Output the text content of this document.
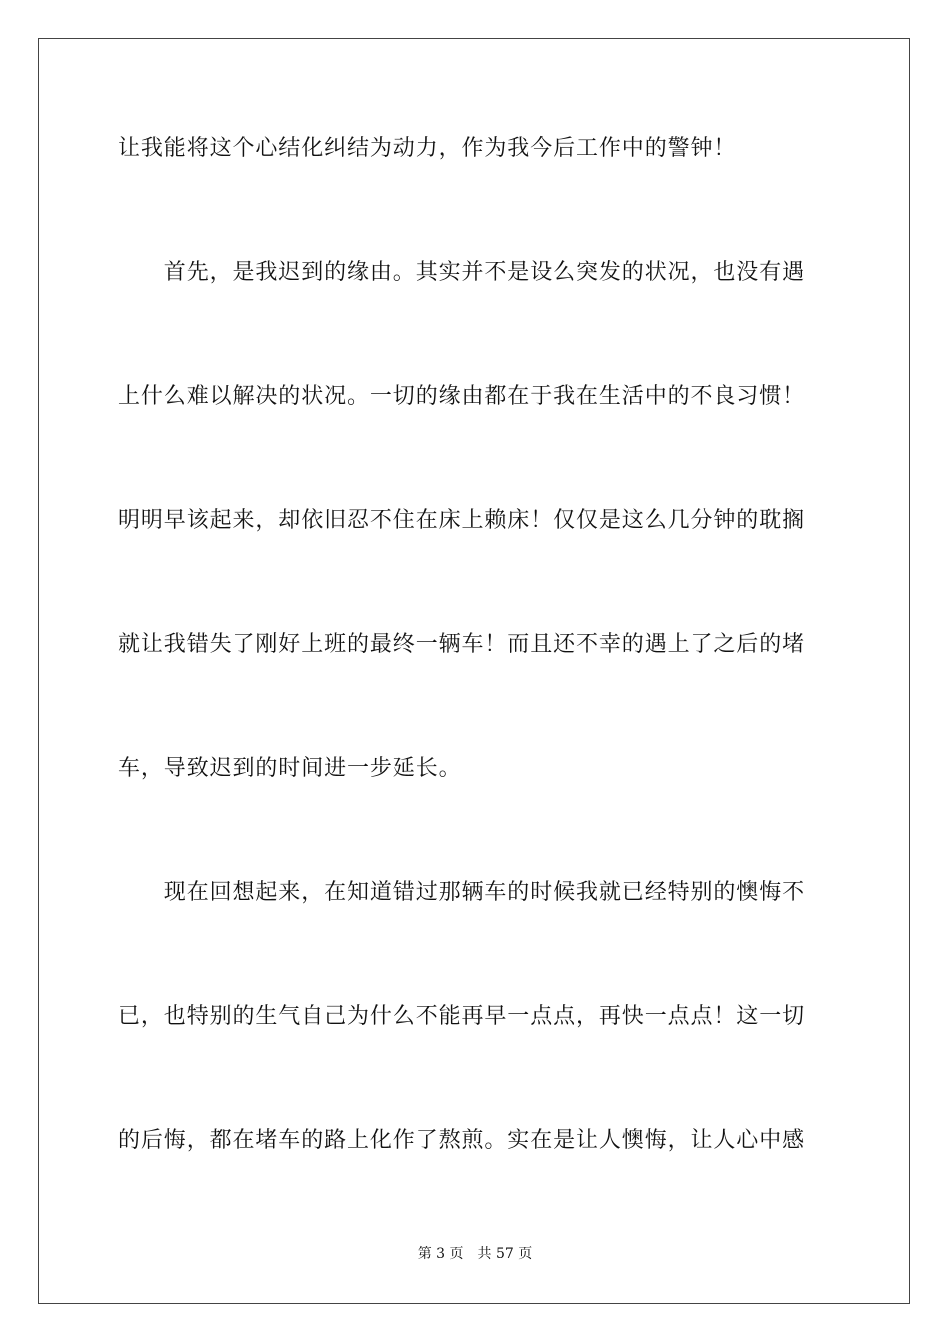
让我能将这个心结化纠结为动力，作为我今后工作中的警钟！
　　首先，是我迟到的缘由。其实并不是设么突发的状况，也没有遇
上什么难以解决的状况。一切的缘由都在于我在生活中的不良习惯！
明明早该起来，却依旧忍不住在床上赖床！仅仅是这么几分钟的耽搁
就让我错失了刚好上班的最终一辆车！而且还不幸的遇上了之后的堵
车，导致迟到的时间进一步延长。
　　现在回想起来，在知道错过那辆车的时候我就已经特别的懊悔不
已，也特别的生气自己为什么不能再早一点点，再快一点点！这一切
的后悔，都在堵车的路上化作了熬煎。实在是让人懊悔，让人心中感
第 3 页　共 57 页
